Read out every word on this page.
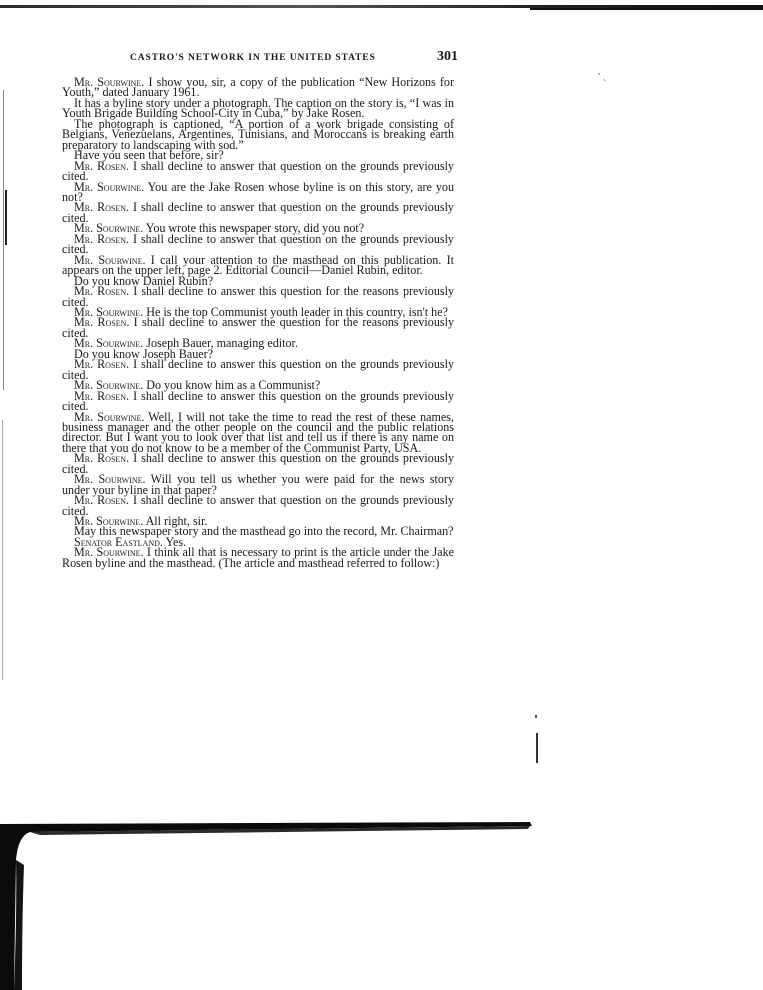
CASTRO'S NETWORK IN THE UNITED STATES	301
ˋ˴

Mr. Sourwine. I show you, sir, a copy of the publication “New Horizons for Youth,” dated January 1961.

It has a byline story under a photograph. The caption on the story is, “I was in Youth Brigade Building School-City in Cuba,” by Jake Rosen.

The photograph is captioned, “A portion of a work brigade consisting of Belgians, Venezuelans, Argentines, Tunisians, and Moroccans is breaking earth preparatory to landscaping with sod.”

Have you seen that before, sir?

Mr. Rosen. I shall decline to answer that question on the grounds previously cited.

Mr. Sourwine. You are the Jake Rosen whose byline is on this story, are you not?

Mr. Rosen. I shall decline to answer that question on the grounds previously cited.

Mr. Sourwine. You wrote this newspaper story, did you not?

Mr. Rosen. I shall decline to answer that question on the grounds previously cited.

Mr. Sourwine. I call your attention to the masthead on this publication. It appears on the upper left, page 2. Editorial Council—Daniel Rubin, editor.

Do you know Daniel Rubin?

Mr. Rosen. I shall decline to answer this question for the reasons previously cited.

Mr. Sourwine. He is the top Communist youth leader in this country, isn't he?

Mr. Rosen. I shall decline to answer the question for the reasons previously cited.

Mr. Sourwine. Joseph Bauer, managing editor.

Do you know Joseph Bauer?

Mr. Rosen. I shall decline to answer this question on the grounds previously cited.

Mr. Sourwine. Do you know him as a Communist?

Mr. Rosen. I shall decline to answer this question on the grounds previously cited.

Mr. Sourwine. Well, I will not take the time to read the rest of these names, business manager and the other people on the council and the public relations director. But I want you to look over that list and tell us if there is any name on there that you do not know to be a member of the Communist Party, USA.

Mr. Rosen. I shall decline to answer this question on the grounds previously cited.

Mr. Sourwine. Will you tell us whether you were paid for the news story under your byline in that paper?

Mr. Rosen. I shall decline to answer that question on the grounds previously cited.

Mr. Sourwine. All right, sir.

May this newspaper story and the masthead go into the record, Mr. Chairman?

Senator Eastland. Yes.

Mr. Sourwine. I think all that is necessary to print is the article under the Jake Rosen byline and the masthead. (The article and masthead referred to follow:)
